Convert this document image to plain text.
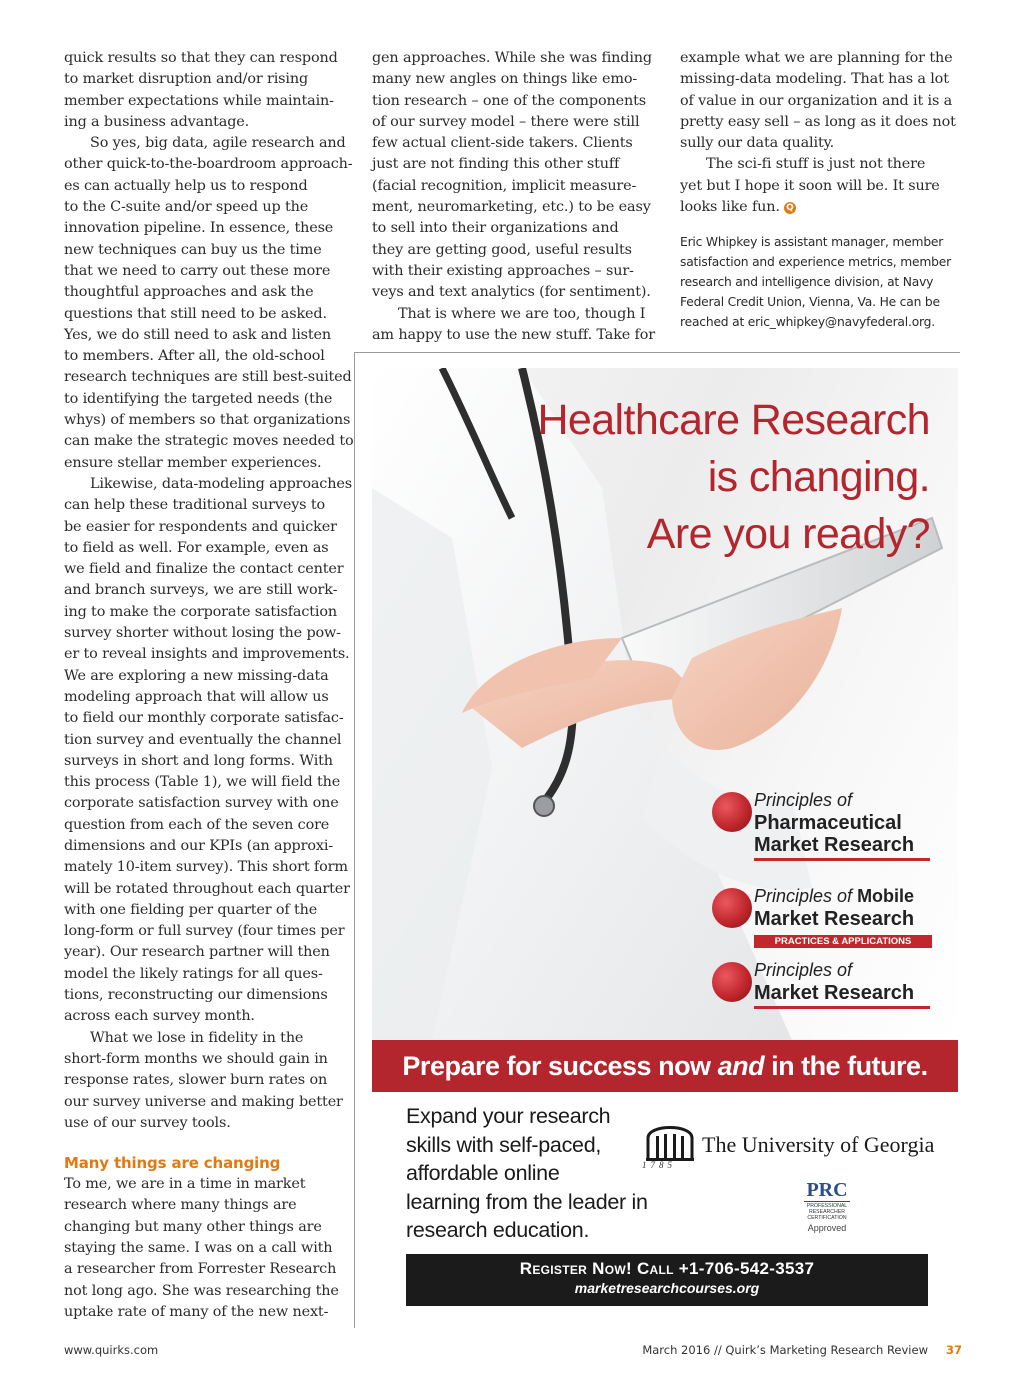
quick results so that they can respond
to market disruption and/or rising
member expectations while maintain-
ing a business advantage.

So yes, big data, agile research and
other quick-to-the-boardroom approach-
es can actually help us to respond
to the C-suite and/or speed up the
innovation pipeline. In essence, these
new techniques can buy us the time
that we need to carry out these more
thoughtful approaches and ask the
questions that still need to be asked.
Yes, we do still need to ask and listen
to members. After all, the old-school
research techniques are still best-suited
to identifying the targeted needs (the
whys) of members so that organizations
can make the strategic moves needed to
ensure stellar member experiences.

Likewise, data-modeling approaches
can help these traditional surveys to
be easier for respondents and quicker
to field as well. For example, even as
we field and finalize the contact center
and branch surveys, we are still work-
ing to make the corporate satisfaction
survey shorter without losing the pow-
er to reveal insights and improvements.
We are exploring a new missing-data
modeling approach that will allow us
to field our monthly corporate satisfac-
tion survey and eventually the channel
surveys in short and long forms. With
this process (Table 1), we will field the
corporate satisfaction survey with one
question from each of the seven core
dimensions and our KPIs (an approxi-
mately 10-item survey). This short form
will be rotated throughout each quarter
with one fielding per quarter of the
long-form or full survey (four times per
year). Our research partner will then
model the likely ratings for all ques-
tions, reconstructing our dimensions
across each survey month.

What we lose in fidelity in the
short-form months we should gain in
response rates, slower burn rates on
our survey universe and making better
use of our survey tools.

Many things are changing

To me, we are in a time in market
research where many things are
changing but many other things are
staying the same. I was on a call with
a researcher from Forrester Research
not long ago. She was researching the
uptake rate of many of the new next-

gen approaches. While she was finding
many new angles on things like emo-
tion research – one of the components
of our survey model – there were still
few actual client-side takers. Clients
just are not finding this other stuff
(facial recognition, implicit measure-
ment, neuromarketing, etc.) to be easy
to sell into their organizations and
they are getting good, useful results
with their existing approaches – sur-
veys and text analytics (for sentiment).

That is where we are too, though I
am happy to use the new stuff. Take for

example what we are planning for the
missing-data modeling. That has a lot
of value in our organization and it is a
pretty easy sell – as long as it does not
sully our data quality.

The sci-fi stuff is just not there
yet but I hope it soon will be. It sure
looks like fun. Q

Eric Whipkey is assistant manager, member
satisfaction and experience metrics, member
research and intelligence division, at Navy
Federal Credit Union, Vienna, Va. He can be
reached at eric_whipkey@navyfederal.org.

Healthcare Research
is changing.
Are you ready?
Principles of
Pharmaceutical
Market Research
Principles of Mobile
Market Research
PRACTICES & APPLICATIONS
Principles of
Market Research
Prepare for success now and in the future.
Expand your research
skills with self-paced,
affordable online
learning from the leader in
research education.
1785
The University of Georgia
PRC
PROFESSIONAL
RESEARCHER
CERTIFICATION
Approved
Register Now! Call +1-706-542-3537
marketresearchcourses.org
www.quirks.com	March 2016 // Quirk’s Marketing Research Review 37
